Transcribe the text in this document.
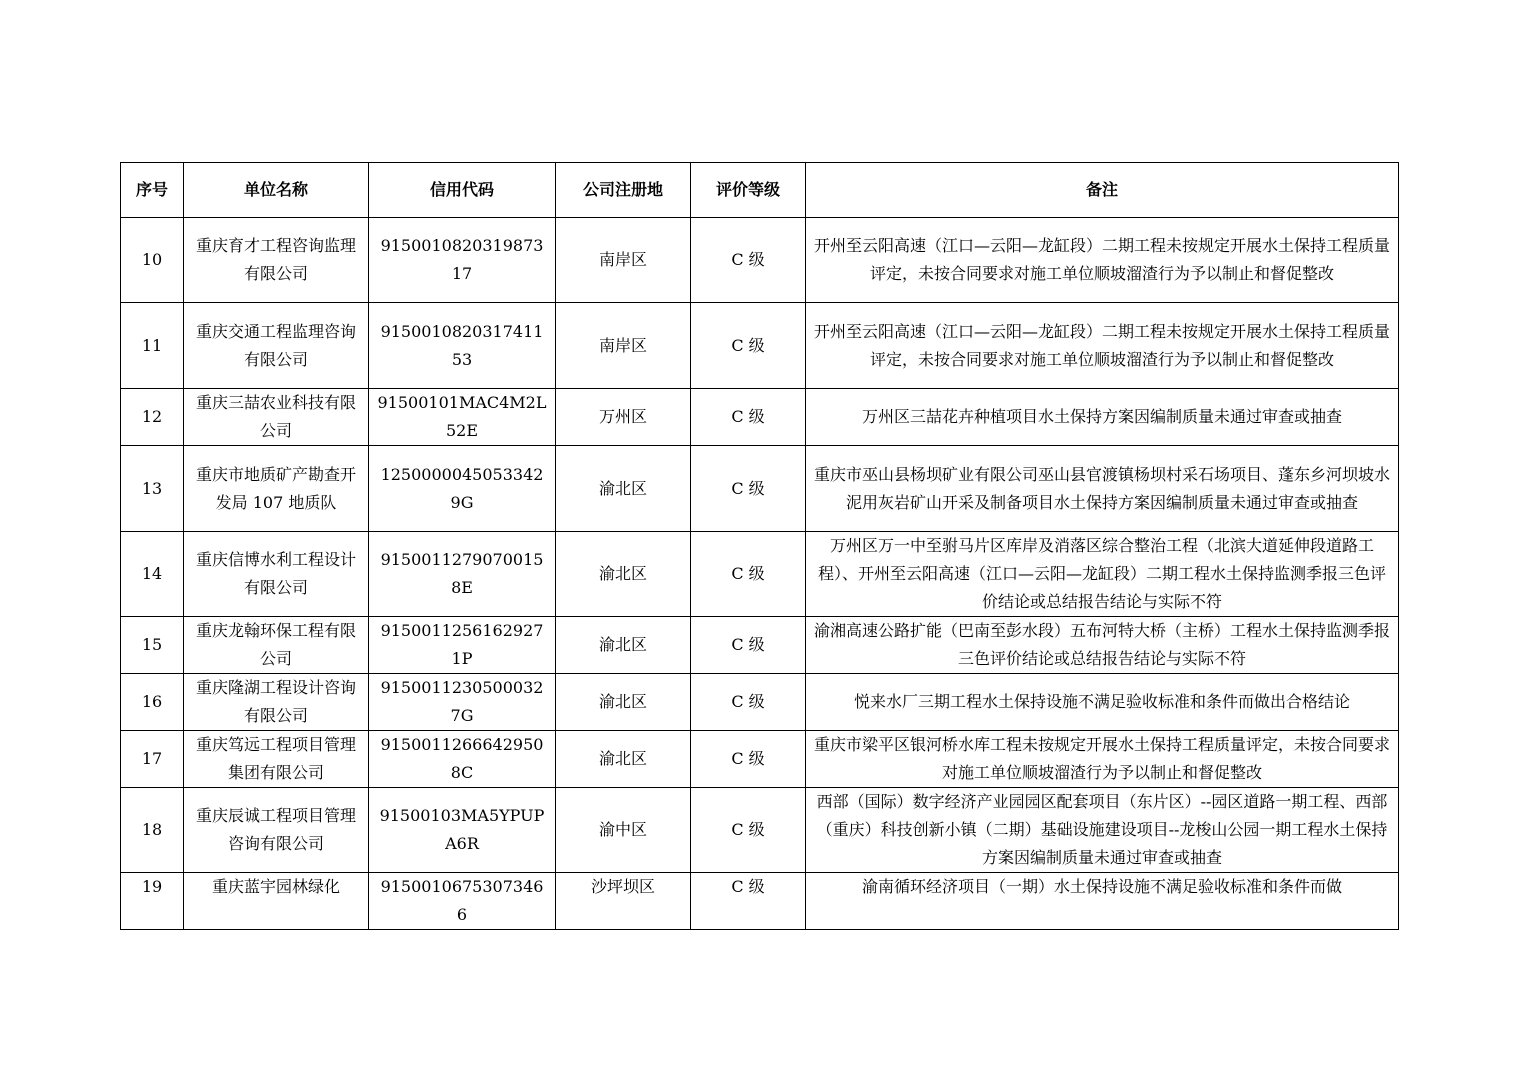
序号	单位名称	信用代码	公司注册地	评价等级	备注
10	重庆育才工程咨询监理有限公司	915001082031987317	南岸区	C 级	开州至云阳高速（江口—云阳—龙缸段）二期工程未按规定开展水土保持工程质量评定，未按合同要求对施工单位顺坡溜渣行为予以制止和督促整改
11	重庆交通工程监理咨询有限公司	915001082031741153	南岸区	C 级	开州至云阳高速（江口—云阳—龙缸段）二期工程未按规定开展水土保持工程质量评定，未按合同要求对施工单位顺坡溜渣行为予以制止和督促整改
12	重庆三喆农业科技有限公司	91500101MAC4M2L52E	万州区	C 级	万州区三喆花卉种植项目水土保持方案因编制质量未通过审查或抽查
13	重庆市地质矿产勘查开发局 107 地质队	12500000450533429G	渝北区	C 级	重庆市巫山县杨坝矿业有限公司巫山县官渡镇杨坝村采石场项目、蓬东乡河坝坡水泥用灰岩矿山开采及制备项目水土保持方案因编制质量未通过审查或抽查
14	重庆信博水利工程设计有限公司	91500112790700158E	渝北区	C 级	万州区万一中至驸马片区库岸及消落区综合整治工程（北滨大道延伸段道路工程）、开州至云阳高速（江口—云阳—龙缸段）二期工程水土保持监测季报三色评价结论或总结报告结论与实际不符
15	重庆龙翰环保工程有限公司	91500112561629271P	渝北区	C 级	渝湘高速公路扩能（巴南至彭水段）五布河特大桥（主桥）工程水土保持监测季报三色评价结论或总结报告结论与实际不符
16	重庆隆湖工程设计咨询有限公司	91500112305000327G	渝北区	C 级	悦来水厂三期工程水土保持设施不满足验收标准和条件而做出合格结论
17	重庆笃远工程项目管理集团有限公司	91500112666429508C	渝北区	C 级	重庆市梁平区银河桥水库工程未按规定开展水土保持工程质量评定，未按合同要求对施工单位顺坡溜渣行为予以制止和督促整改
18	重庆辰诚工程项目管理咨询有限公司	91500103MA5YPUPA6R	渝中区	C 级	西部（国际）数字经济产业园园区配套项目（东片区）--园区道路一期工程、西部（重庆）科技创新小镇（二期）基础设施建设项目--龙梭山公园一期工程水土保持方案因编制质量未通过审查或抽查
19	重庆蓝宇园林绿化	91500106753073466	沙坪坝区	C 级	渝南循环经济项目（一期）水土保持设施不满足验收标准和条件而做
